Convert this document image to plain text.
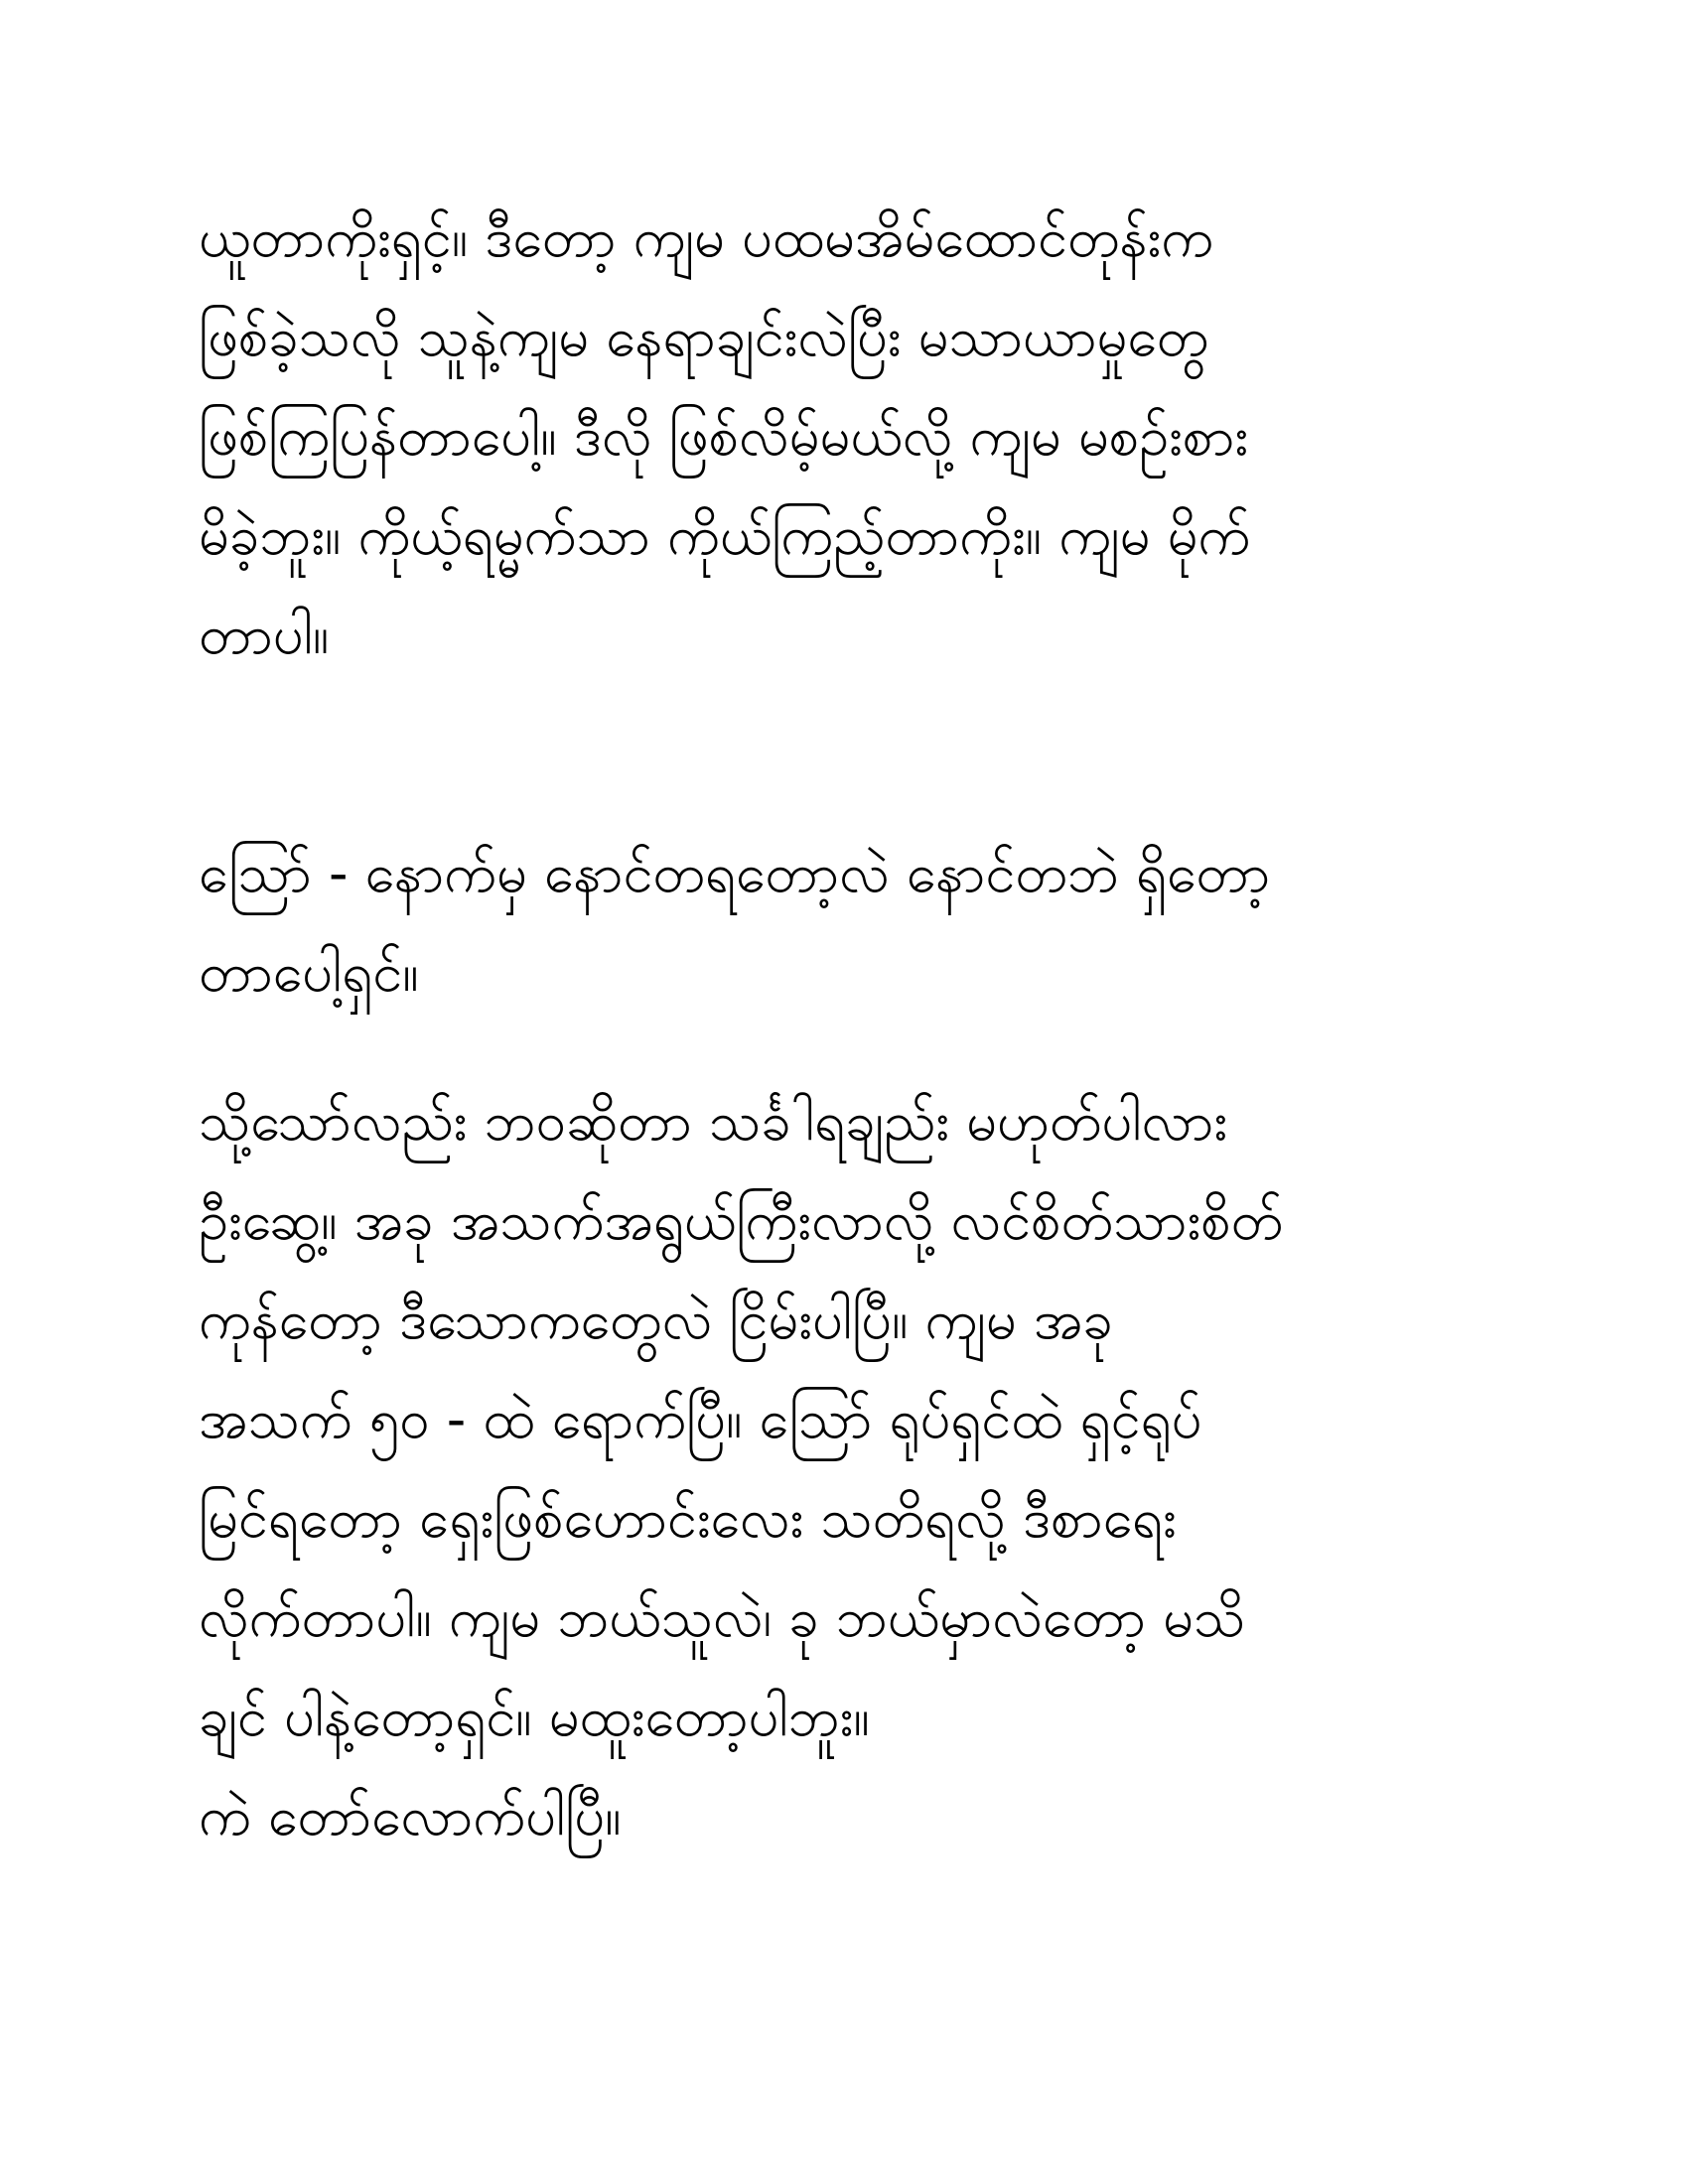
ယူတာကိုးရှင့်။ ဒီတော့ ကျမ ပထမအိမ်ထောင်တုန်းက
ဖြစ်ခဲ့သလို သူနဲ့ကျမ နေရာချင်းလဲပြီး မသာယာမှုတွေ
ဖြစ်ကြပြန်တာပေါ့။ ဒီလို ဖြစ်လိမ့်မယ်လို့ ကျမ မစဉ်းစား
မိခဲ့ဘူး။ ကိုယ့်ရမ္မက်သာ ကိုယ်ကြည့်တာကိုး။ ကျမ မိုက်
တာပါ။
သြော် - နောက်မှ နောင်တရတော့လဲ နောင်တဘဲ ရှိတော့
တာပေါ့ရှင်။
သို့သော်လည်း ဘဝဆိုတာ သင်္ခါရချည်း မဟုတ်ပါလား
ဦးဆွေ့။ အခု အသက်အရွယ်ကြီးလာလို့ လင်စိတ်သားစိတ်
ကုန်တော့ ဒီသောကတွေလဲ ငြိမ်းပါပြီ။ ကျမ အခု
အသက် ၅၀ - ထဲ ရောက်ပြီ။ သြော် ရုပ်ရှင်ထဲ ရှင့်ရုပ်
မြင်ရတော့ ရှေးဖြစ်ဟောင်းလေး သတိရလို့ ဒီစာရေး
လိုက်တာပါ။ ကျမ ဘယ်သူလဲ၊ ခု ဘယ်မှာလဲတော့ မသိ
ချင် ပါနဲ့တော့ရှင်။ မထူးတော့ပါဘူး။
ကဲ တော်လောက်ပါပြီ။
